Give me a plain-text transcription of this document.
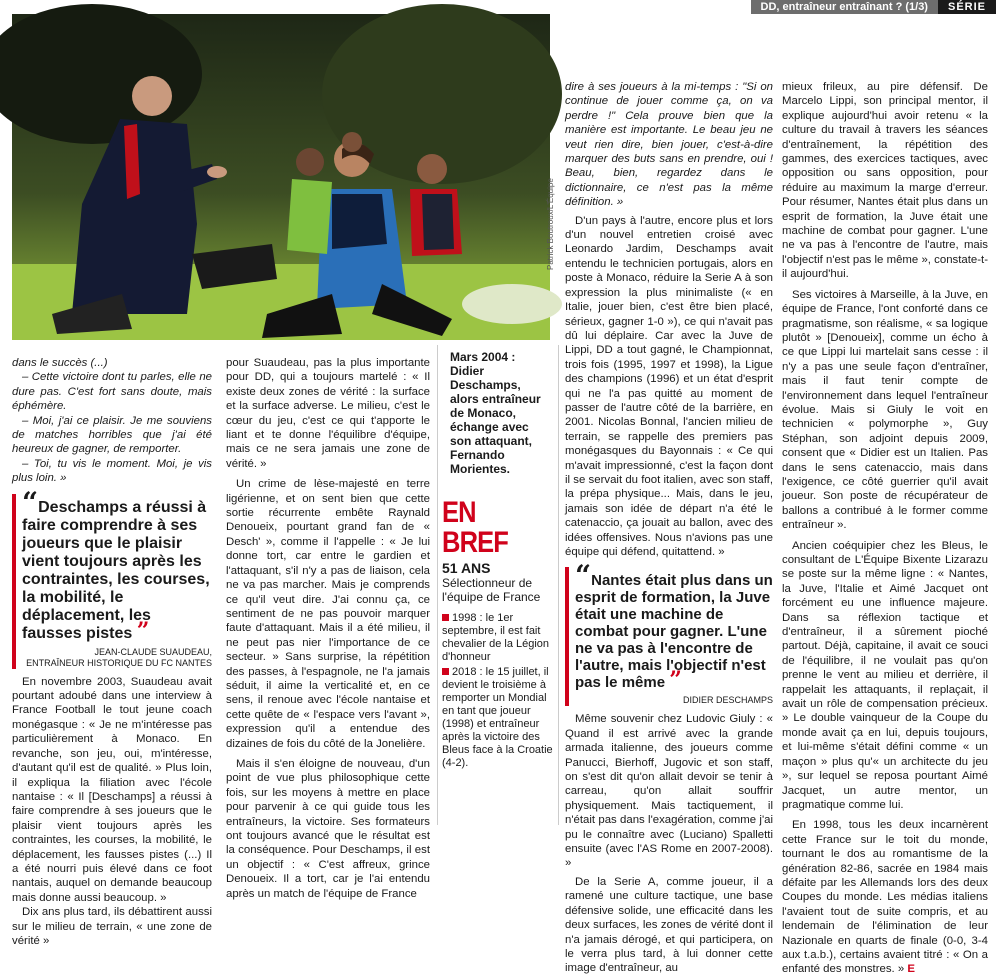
DD, entraîneur entraînant ? (1/3)	SÉRIE
Patrick Boutroux/L'Équipe

dans le succès (...)

– Cette victoire dont tu parles, elle ne dure pas. C'est fort sans doute, mais éphémère.

– Moi, j'ai ce plaisir. Je me souviens de matches horribles que j'ai été heureux de gagner, de remporter.

– Toi, tu vis le moment. Moi, je vis plus loin. »

“Deschamps a réussi à faire comprendre à ses joueurs que le plaisir vient toujours après les contraintes, les courses, la mobilité, le déplacement, les fausses pistes ”
JEAN-CLAUDE SUAUDEAU,
ENTRAÎNEUR HISTORIQUE DU FC NANTES

En novembre 2003, Suaudeau avait pourtant adoubé dans une interview à France Football le tout jeune coach monégasque : « Je ne m'intéresse pas particulièrement à Monaco. En revanche, son jeu, oui, m'intéresse, d'autant qu'il est de qualité. » Plus loin, il expliqua la filiation avec l'école nantaise : « Il [Deschamps] a réussi à faire comprendre à ses joueurs que le plaisir vient toujours après les contraintes, les courses, la mobilité, le déplacement, les fausses pistes (...) Il a été nourri puis élevé dans ce foot nantais, auquel on demande beaucoup mais donne aussi beaucoup. »

Dix ans plus tard, ils débattirent aussi sur le milieu de terrain, « une zone de vérité »

pour Suaudeau, pas la plus importante pour DD, qui a toujours martelé : « Il existe deux zones de vérité : la surface et la surface adverse. Le milieu, c'est le cœur du jeu, c'est ce qui t'apporte le liant et te donne l'équilibre d'équipe, mais ce ne sera jamais une zone de vérité. »

Un crime de lèse-majesté en terre ligérienne, et on sent bien que cette sortie récurrente embête Raynald Denoueix, pourtant grand fan de « Desch' », comme il l'appelle : « Je lui donne tort, car entre le gardien et l'attaquant, s'il n'y a pas de liaison, cela ne va pas marcher. Mais je comprends ce qu'il veut dire. J'ai connu ça, ce sentiment de ne pas pouvoir marquer faute d'attaquant. Mais il a été milieu, il ne peut pas nier l'importance de ce secteur. » Sans surprise, la répétition des passes, à l'espagnole, ne l'a jamais séduit, il aime la verticalité et, en ce sens, il renoue avec l'école nantaise et cette quête de « l'espace vers l'avant », expression qu'il a entendue des dizaines de fois du côté de la Jonelière.

Mais il s'en éloigne de nouveau, d'un point de vue plus philosophique cette fois, sur les moyens à mettre en place pour parvenir à ce qui guide tous les entraîneurs, la victoire. Ses formateurs ont toujours avancé que le résultat est la conséquence. Pour Deschamps, il est un objectif : « C'est affreux, grince Denoueix. Il a tort, car je l'ai entendu après un match de l'équipe de France

Mars 2004 : Didier Deschamps, alors entraîneur de Monaco, échange avec son attaquant, Fernando Morientes.
EN BREF
51 ANS
Sélectionneur de l'équipe de France
1998 : le 1er septembre, il est fait chevalier de la Légion d'honneur
2018 : le 15 juillet, il devient le troisième à remporter un Mondial en tant que joueur (1998) et entraîneur après la victoire des Bleus face à la Croatie (4-2).

dire à ses joueurs à la mi-temps : "Si on continue de jouer comme ça, on va perdre !" Cela prouve bien que la manière est importante. Le beau jeu ne veut rien dire, bien jouer, c'est-à-dire marquer des buts sans en prendre, oui ! Beau, bien, regardez dans le dictionnaire, ce n'est pas la même définition. »

D'un pays à l'autre, encore plus et lors d'un nouvel entretien croisé avec Leonardo Jardim, Deschamps avait entendu le technicien portugais, alors en poste à Monaco, réduire la Serie A à son expression la plus minimaliste (« en Italie, jouer bien, c'est être bien placé, sérieux, gagner 1-0 »), ce qui n'avait pas dû lui déplaire. Car avec la Juve de Lippi, DD a tout gagné, le Championnat, trois fois (1995, 1997 et 1998), la Ligue des champions (1996) et un état d'esprit qui ne l'a pas quitté au moment de passer de l'autre côté de la barrière, en 2001. Nicolas Bonnal, l'ancien milieu de terrain, se rappelle des premiers pas monégasques du Bayonnais : « Ce qui m'avait impressionné, c'est la façon dont il se servait du foot italien, avec son staff, la prépa physique... Mais, dans le jeu, jamais son idée de départ n'a été le catenaccio, ça jouait au ballon, avec des idées offensives. Nous n'avions pas une équipe qui défend, quitattend. »

“Nantes était plus dans un esprit de formation, la Juve était une machine de combat pour gagner. L'une ne va pas à l'encontre de l'autre, mais l'objectif n'est pas le même ”
DIDIER DESCHAMPS

Même souvenir chez Ludovic Giuly : « Quand il est arrivé avec la grande armada italienne, des joueurs comme Panucci, Bierhoff, Jugovic et son staff, on s'est dit qu'on allait devoir se tenir à carreau, qu'on allait souffrir physiquement. Mais tactiquement, il n'était pas dans l'exagération, comme j'ai pu le connaître avec (Luciano) Spalletti ensuite (avec l'AS Rome en 2007-2008). »

De la Serie A, comme joueur, il a ramené une culture tactique, une base défensive solide, une efficacité dans les deux surfaces, les zones de vérité dont il n'a jamais dérogé, et qui participera, on le verra plus tard, à lui donner cette image d'entraîneur, au

mieux frileux, au pire défensif. De Marcelo Lippi, son principal mentor, il explique aujourd'hui avoir retenu « la culture du travail à travers les séances d'entraînement, la répétition des gammes, des exercices tactiques, avec opposition ou sans opposition, pour réduire au maximum la marge d'erreur. Pour résumer, Nantes était plus dans un esprit de formation, la Juve était une machine de combat pour gagner. L'une ne va pas à l'encontre de l'autre, mais l'objectif n'est pas le même », constate-t-il aujourd'hui.

Ses victoires à Marseille, à la Juve, en équipe de France, l'ont conforté dans ce pragmatisme, son réalisme, « sa logique plutôt » [Denoueix], comme un écho à ce que Lippi lui martelait sans cesse : il n'y a pas une seule façon d'entraîner, mais il faut tenir compte de l'environnement dans lequel l'entraîneur évolue. Mais si Giuly le voit en technicien « polymorphe », Guy Stéphan, son adjoint depuis 2009, consent que « Didier est un Italien. Pas dans le sens catenaccio, mais dans l'exigence, ce côté guerrier qu'il avait joueur. Son poste de récupérateur de ballons a contribué à le former comme entraîneur ».

Ancien coéquipier chez les Bleus, le consultant de L'Équipe Bixente Lizarazu se poste sur la même ligne : « Nantes, la Juve, l'Italie et Aimé Jacquet ont forcément eu une influence majeure. Dans sa réflexion tactique et d'entraîneur, il a sûrement pioché partout. Déjà, capitaine, il avait ce souci de l'équilibre, il ne voulait pas qu'on prenne le vent au milieu et derrière, il rappelait les attaquants, il replaçait, il avait un rôle de compensation précieux. » Le double vainqueur de la Coupe du monde avait ça en lui, depuis toujours, et lui-même s'était défini comme « un maçon » plus qu'« un architecte du jeu », sur lequel se reposa pourtant Aimé Jacquet, un autre mentor, un pragmatique comme lui.

En 1998, tous les deux incarnèrent cette France sur le toit du monde, tournant le dos au romantisme de la génération 82-86, sacrée en 1984 mais défaite par les Allemands lors des deux Coupes du monde. Les médias italiens l'avaient tout de suite compris, et au lendemain de l'élimination de leur Nazionale en quarts de finale (0-0, 3-4 aux t.a.b.), certains avaient titré : « On a enfanté des monstres. » E
